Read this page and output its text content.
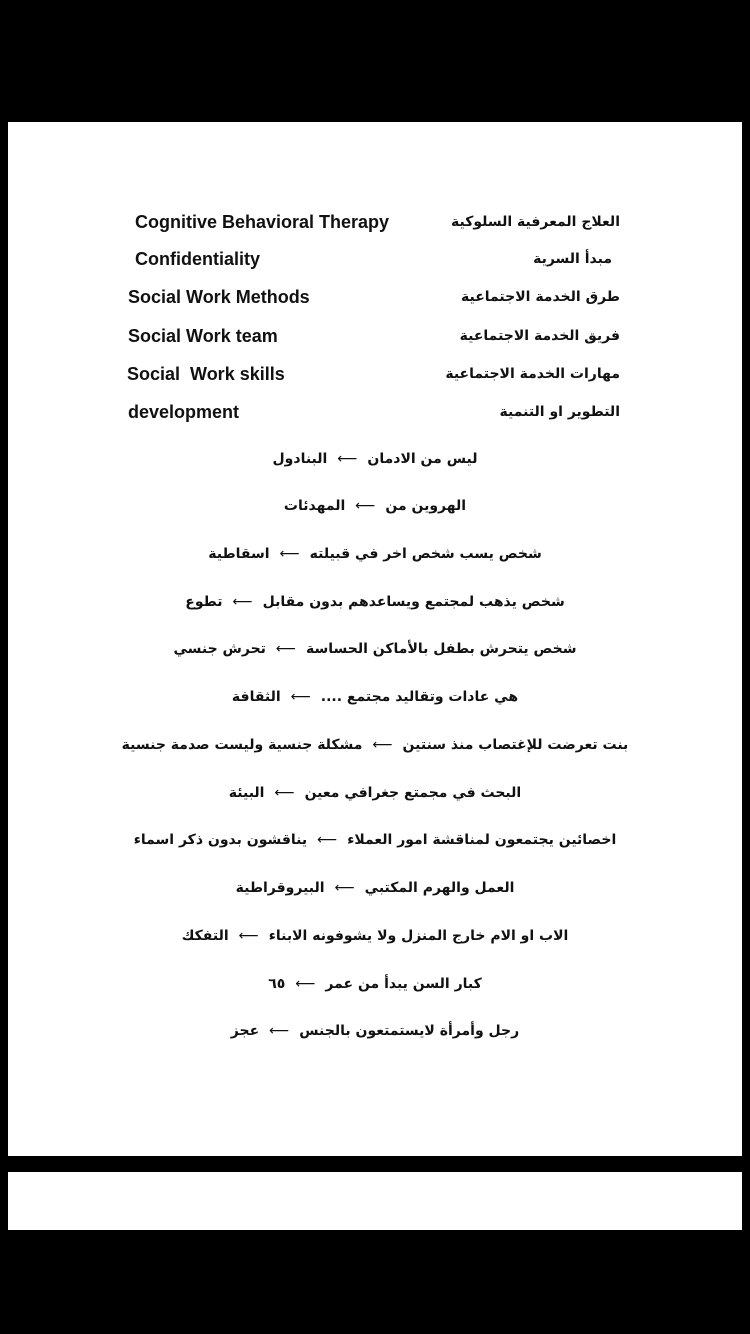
Cognitive Behavioral Therapy	العلاج المعرفية السلوكية
Confidentiality	مبدأ السرية
Social Work Methods	طرق الخدمة الاجتماعية
Social Work team	فريق الخدمة الاجتماعية
Social  Work skills	مهارات الخدمة الاجتماعية
development	التطوير او التنمية
ليس من الادمان⟵البنادول
الهروين من⟵المهدئات
شخص يسب شخص اخر في قبيلته⟵اسقاطية
شخص يذهب لمجتمع ويساعدهم بدون مقابل⟵تطوع
شخص يتحرش بطفل بالأماكن الحساسة⟵تحرش جنسي
هي عادات وتقاليد مجتمع ....⟵الثقافة
بنت تعرضت للإغتصاب منذ سنتين⟵مشكلة جنسية وليست صدمة جنسية
البحث في مجمتع جغرافي معين⟵البيئة
اخصائين يجتمعون لمناقشة امور العملاء⟵يناقشون بدون ذكر اسماء
العمل والهرم المكتبي⟵البيروقراطية
الاب او الام خارج المنزل ولا يشوفونه الابناء⟵التفكك
كبار السن يبدأ من عمر⟵٦٥
رجل وأمرأة لايستمتعون بالجنس⟵عجز
